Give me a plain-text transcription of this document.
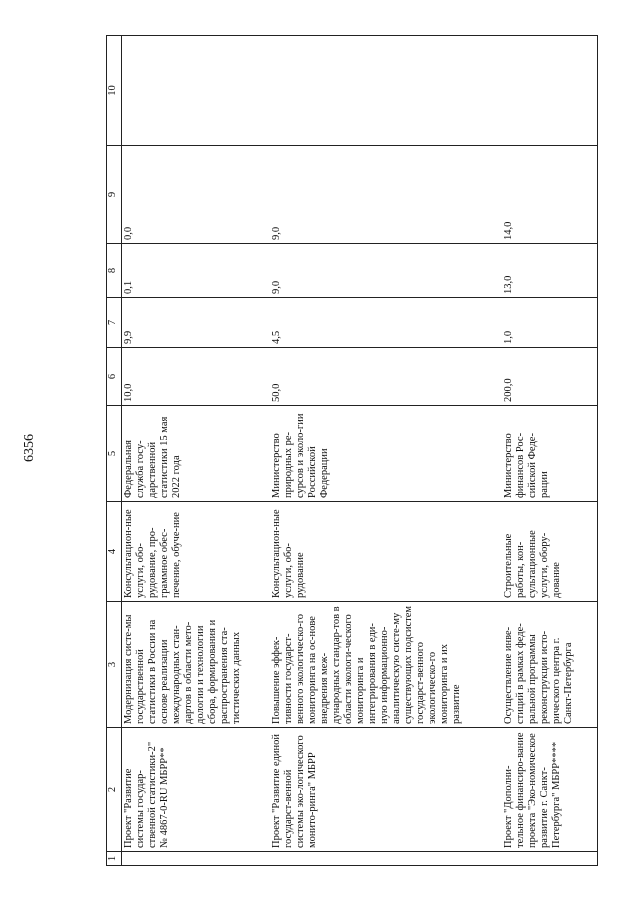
6356
1	2	3	4	5	6	7	8	9	10
	Проект "Развитие системы государ-ственной статистики-2" № 4867-0-RU МБРР**	Модернизация систе-мы государственной статистики в России на основе реализации международных стан-дартов в области мето-дологии и технологии сбора, формирования и распространения ста-тистических данных	Консультацион-ные услуги, обо-рудование, про-граммное обес-печение, обуче-ние	Федеральная служба госу-дарственной статистики 15 мая 2022 года	10,0	9,9	0,1	0,0	
	Проект "Развитие единой государст-венной системы эко-логического монито-ринга" МБРР	Повышение эффек-тивности государст-венного экологическо-го мониторинга на ос-нове внедрения меж-дународных стандар-тов в области экологи-ческого мониторинга и интегрирования в еди-ную информационно-аналитическую систе-му существующих подсистем государст-венного экологическо-го мониторинга и их развитие	Консультацион-ные услуги, обо-рудование	Министерство природных ре-сурсов и эколо-гии Российской Федерации	50,0	4,5	9,0	9,0	
	Проект "Дополни-тельное финансиро-вание проекта "Эко-номическое развитие г. Санкт-Петербурга" МБРР****	Осуществление инве-стиций в рамках феде-ральной программы реконструкции исто-рического центра г. Санкт-Петербурга	Строительные работы, кон-сультационные услуги, обору-дование	Министерство финансов Рос-сийской Феде-рации	200,0	1,0	13,0	14,0	
